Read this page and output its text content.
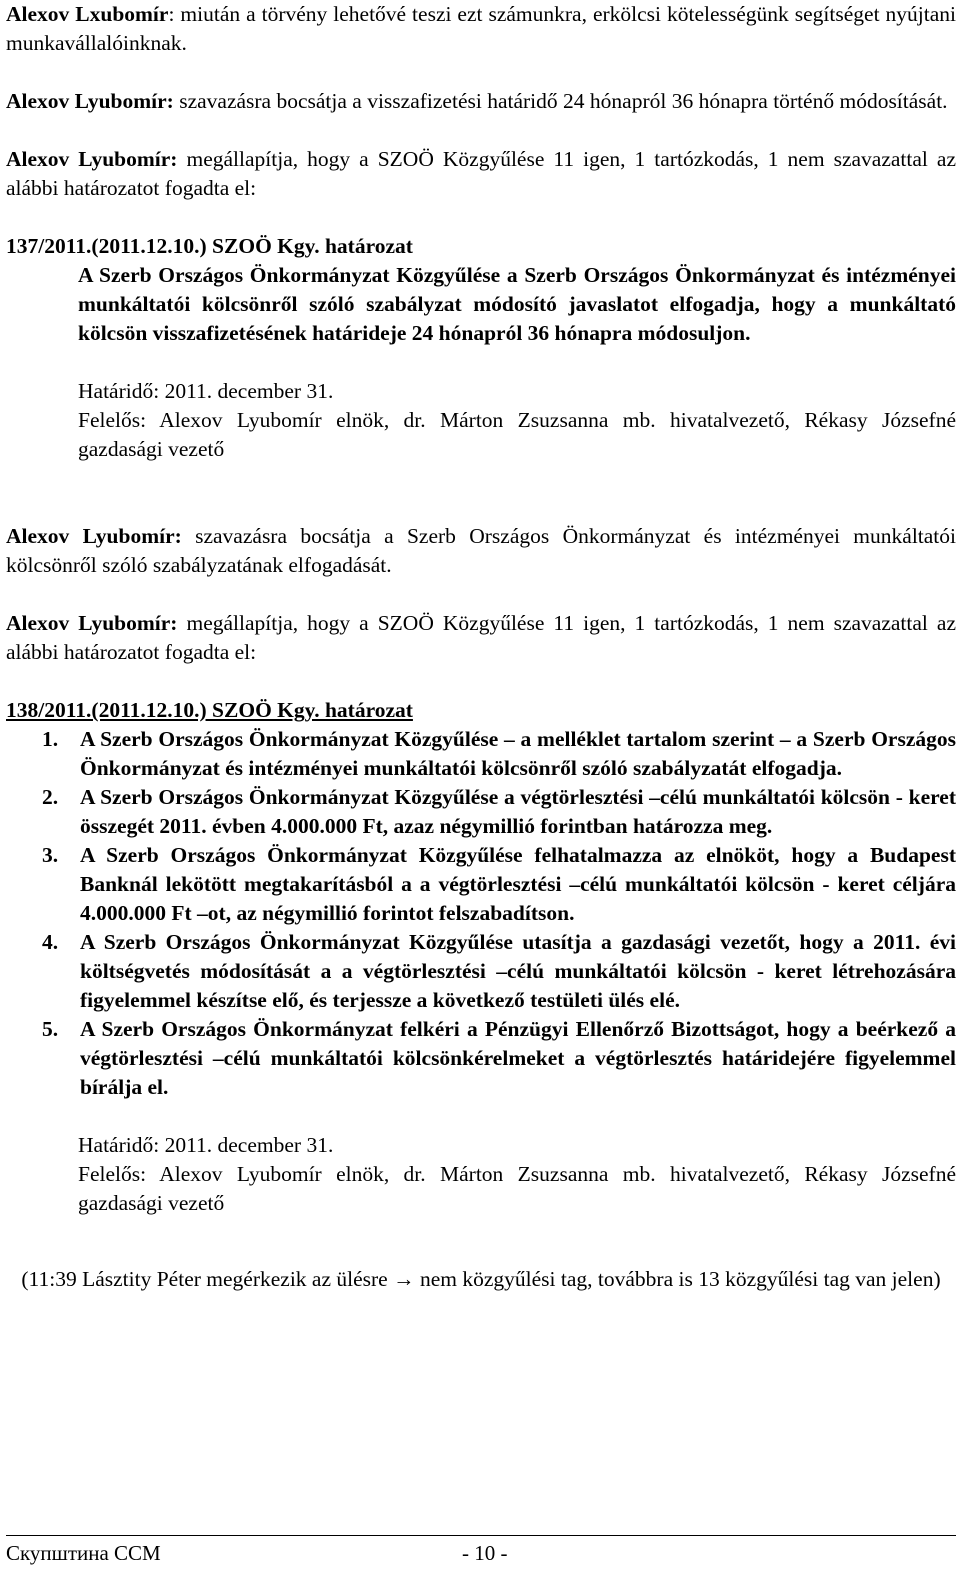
Alexov Lxubomír: miután a törvény lehetővé teszi ezt számunkra, erkölcsi kötelességünk segítséget nyújtani munkavállalóinknak.

Alexov Lyubomír: szavazásra bocsátja a visszafizetési határidő 24 hónapról 36 hónapra történő módosítását.

Alexov Lyubomír: megállapítja, hogy a SZOÖ Közgyűlése 11 igen, 1 tartózkodás, 1 nem szavazattal az alábbi határozatot fogadta el:

137/2011.(2011.12.10.) SZOÖ Kgy. határozat

A Szerb Országos Önkormányzat Közgyűlése a Szerb Országos Önkormányzat és intézményei munkáltatói kölcsönről szóló szabályzat módosító javaslatot elfogadja, hogy a munkáltató kölcsön visszafizetésének határideje 24 hónapról 36 hónapra módosuljon.

Határidő: 2011. december 31.

Felelős: Alexov Lyubomír elnök, dr. Márton Zsuzsanna mb. hivatalvezető, Rékasy Józsefné gazdasági vezető

Alexov Lyubomír: szavazásra bocsátja a Szerb Országos Önkormányzat és intézményei munkáltatói kölcsönről szóló szabályzatának elfogadását.

Alexov Lyubomír: megállapítja, hogy a SZOÖ Közgyűlése 11 igen, 1 tartózkodás, 1 nem szavazattal az alábbi határozatot fogadta el:

138/2011.(2011.12.10.) SZOÖ Kgy. határozat

1. A Szerb Országos Önkormányzat Közgyűlése – a melléklet tartalom szerint – a Szerb Országos Önkormányzat és intézményei munkáltatói kölcsönről szóló szabályzatát elfogadja.
2. A Szerb Országos Önkormányzat Közgyűlése a végtörlesztési –célú munkáltatói kölcsön - keret összegét 2011. évben 4.000.000 Ft, azaz négymillió forintban határozza meg.
3. A Szerb Országos Önkormányzat Közgyűlése felhatalmazza az elnököt, hogy a Budapest Banknál lekötött megtakarításból a a végtörlesztési –célú munkáltatói kölcsön - keret céljára 4.000.000 Ft –ot, az négymillió forintot felszabadítson.
4. A Szerb Országos Önkormányzat Közgyűlése utasítja a gazdasági vezetőt, hogy a 2011. évi költségvetés módosítását a a végtörlesztési –célú munkáltatói kölcsön - keret létrehozására figyelemmel készítse elő, és terjessze a következő testületi ülés elé.
5. A Szerb Országos Önkormányzat felkéri a Pénzügyi Ellenőrző Bizottságot, hogy a beérkező a végtörlesztési –célú munkáltatói kölcsönkérelmeket a végtörlesztés határidejére figyelemmel bírálja el.

Határidő: 2011. december 31.

Felelős: Alexov Lyubomír elnök, dr. Márton Zsuzsanna mb. hivatalvezető, Rékasy Józsefné gazdasági vezető

(11:39 Lásztity Péter megérkezik az ülésre → nem közgyűlési tag, továbbra is 13 közgyűlési tag van jelen)

Скупштина ССМ	- 10 -
